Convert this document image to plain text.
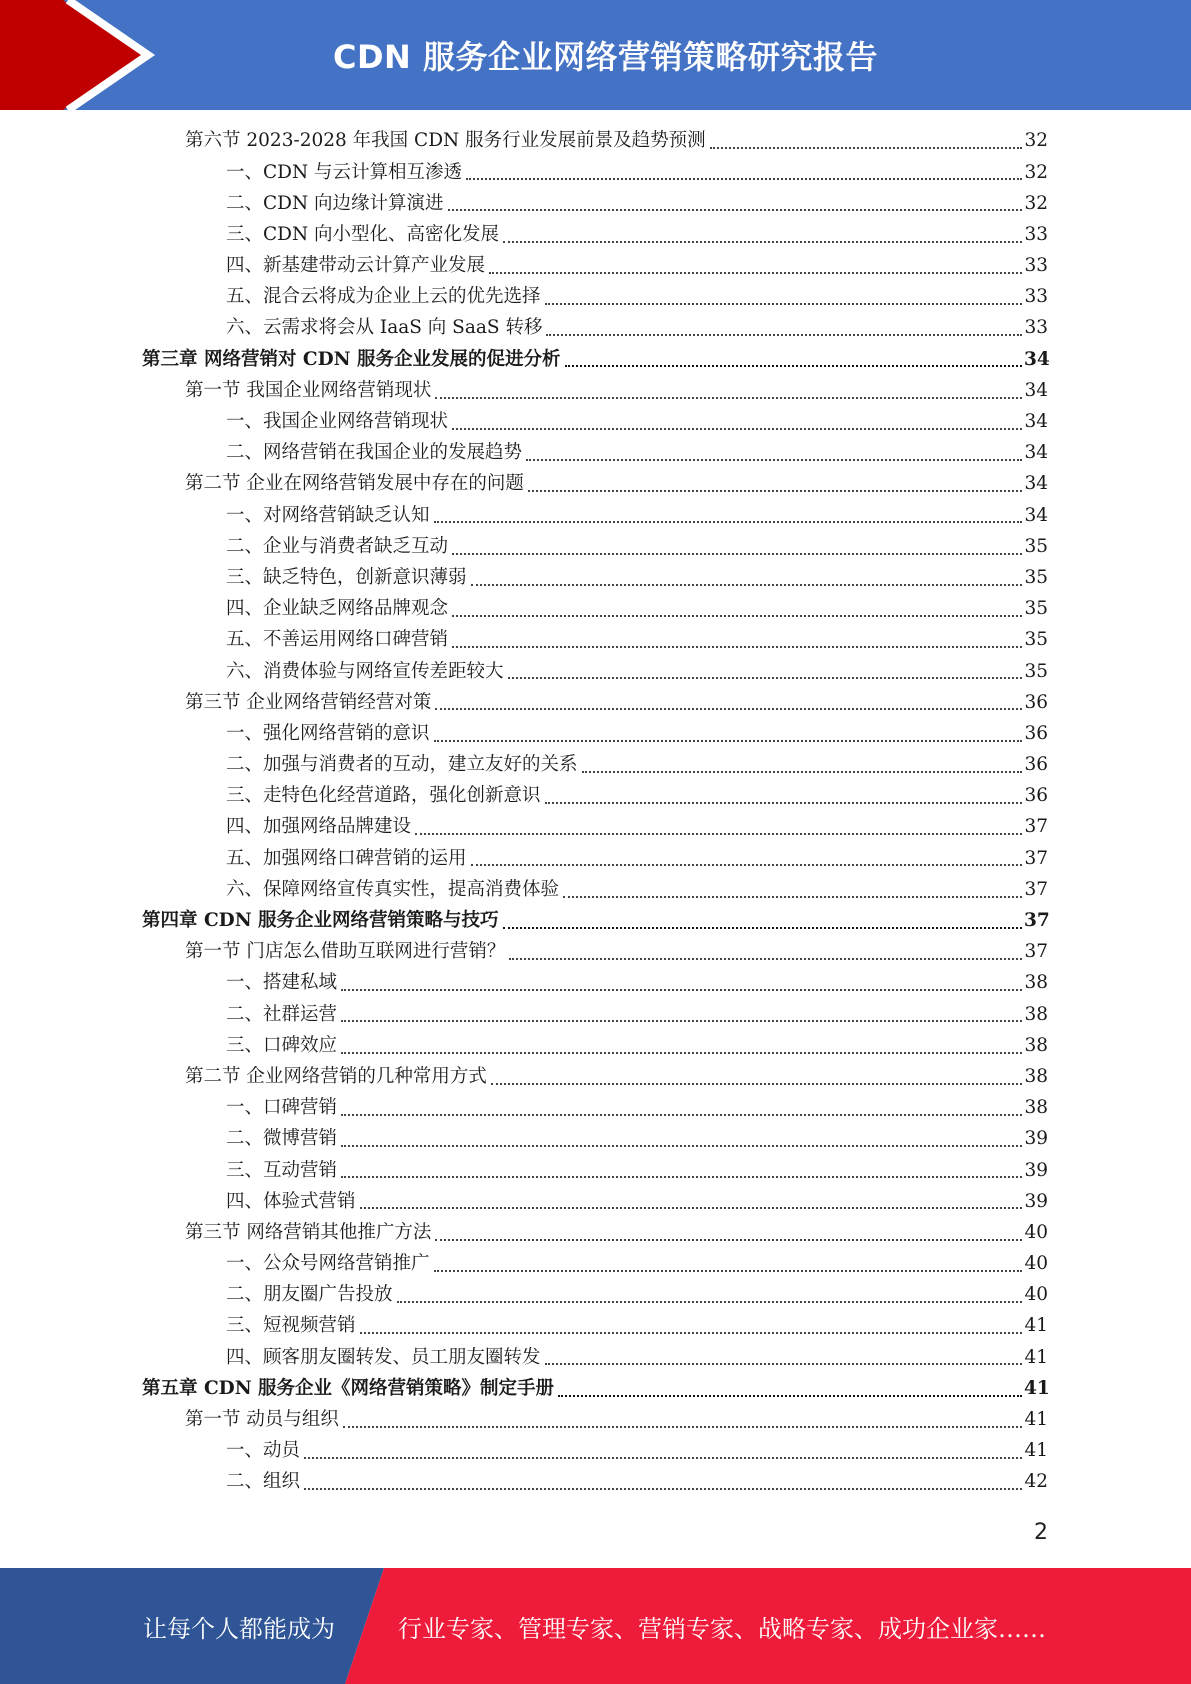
CDN 服务企业网络营销策略研究报告
第六节 2023-2028 年我国 CDN 服务行业发展前景及趋势预测	32
一、CDN 与云计算相互渗透	32
二、CDN 向边缘计算演进	32
三、CDN 向小型化、高密化发展	33
四、新基建带动云计算产业发展	33
五、混合云将成为企业上云的优先选择	33
六、云需求将会从 IaaS 向 SaaS 转移	33
第三章 网络营销对 CDN 服务企业发展的促进分析	34
第一节 我国企业网络营销现状	34
一、我国企业网络营销现状	34
二、网络营销在我国企业的发展趋势	34
第二节 企业在网络营销发展中存在的问题	34
一、对网络营销缺乏认知	34
二、企业与消费者缺乏互动	35
三、缺乏特色，创新意识薄弱	35
四、企业缺乏网络品牌观念	35
五、不善运用网络口碑营销	35
六、消费体验与网络宣传差距较大	35
第三节 企业网络营销经营对策	36
一、强化网络营销的意识	36
二、加强与消费者的互动，建立友好的关系	36
三、走特色化经营道路，强化创新意识	36
四、加强网络品牌建设	37
五、加强网络口碑营销的运用	37
六、保障网络宣传真实性，提高消费体验	37
第四章 CDN 服务企业网络营销策略与技巧	37
第一节 门店怎么借助互联网进行营销？	37
一、搭建私域	38
二、社群运营	38
三、口碑效应	38
第二节 企业网络营销的几种常用方式	38
一、口碑营销	38
二、微博营销	39
三、互动营销	39
四、体验式营销	39
第三节 网络营销其他推广方法	40
一、公众号网络营销推广	40
二、朋友圈广告投放	40
三、短视频营销	41
四、顾客朋友圈转发、员工朋友圈转发	41
第五章 CDN 服务企业《网络营销策略》制定手册	41
第一节 动员与组织	41
一、动员	41
二、组织	42
2
让每个人都能成为	行业专家、管理专家、营销专家、战略专家、成功企业家……
